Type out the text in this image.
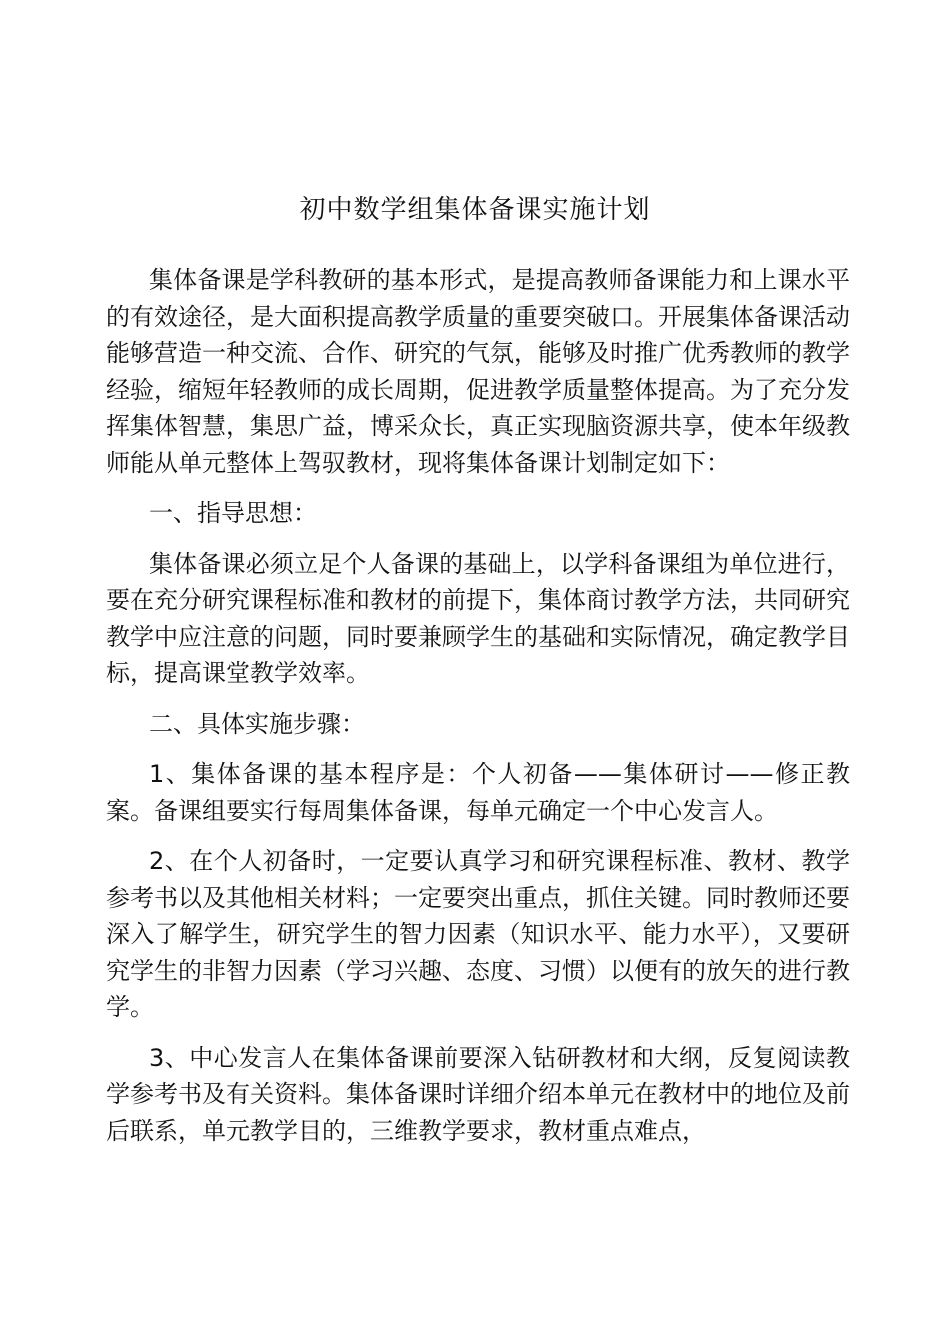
初中数学组集体备课实施计划

集体备课是学科教研的基本形式，是提高教师备课能力和上课水平的有效途径，是大面积提高教学质量的重要突破口。开展集体备课活动能够营造一种交流、合作、研究的气氛，能够及时推广优秀教师的教学经验，缩短年轻教师的成长周期，促进教学质量整体提高。为了充分发挥集体智慧，集思广益，博采众长，真正实现脑资源共享，使本年级教师能从单元整体上驾驭教材，现将集体备课计划制定如下：

一、指导思想：

集体备课必须立足个人备课的基础上，以学科备课组为单位进行，要在充分研究课程标准和教材的前提下，集体商讨教学方法，共同研究教学中应注意的问题，同时要兼顾学生的基础和实际情况，确定教学目标，提高课堂教学效率。

二、具体实施步骤：

1、集体备课的基本程序是：个人初备——集体研讨——修正教案。备课组要实行每周集体备课，每单元确定一个中心发言人。

2、在个人初备时，一定要认真学习和研究课程标准、教材、教学参考书以及其他相关材料；一定要突出重点，抓住关键。同时教师还要深入了解学生，研究学生的智力因素（知识水平、能力水平），又要研究学生的非智力因素（学习兴趣、态度、习惯）以便有的放矢的进行教学。

3、中心发言人在集体备课前要深入钻研教材和大纲，反复阅读教学参考书及有关资料。集体备课时详细介绍本单元在教材中的地位及前后联系，单元教学目的，三维教学要求，教材重点难点，
